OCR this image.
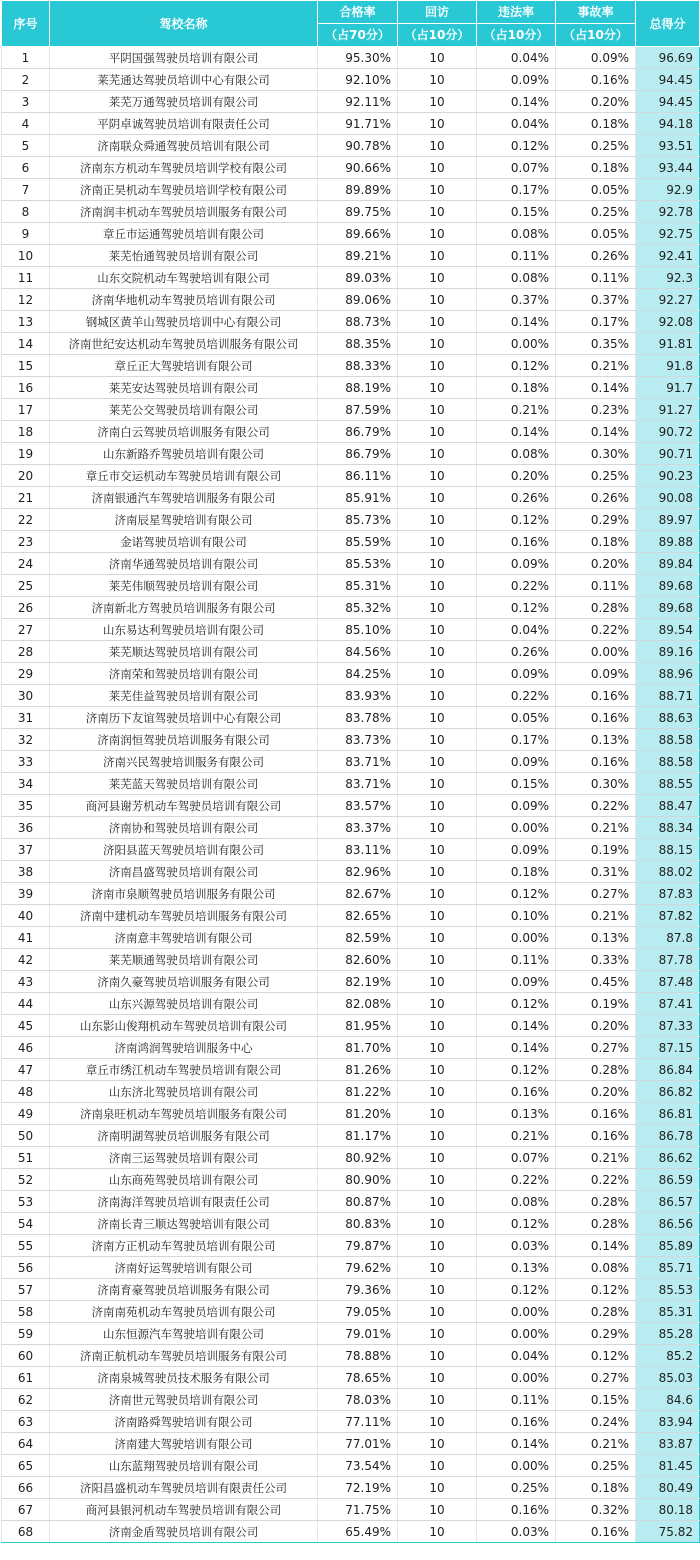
序号	驾校名称	合格率	回访	违法率	事故率	总得分
		（占70分）	（占10分）	（占10分）	（占10分）	
1	平阴国强驾驶员培训有限公司	95.30%	10	0.04%	0.09%	96.69
2	莱芜通达驾驶员培训中心有限公司	92.10%	10	0.09%	0.16%	94.45
3	莱芜万通驾驶员培训有限公司	92.11%	10	0.14%	0.20%	94.45
4	平阴卓诚驾驶员培训有限责任公司	91.71%	10	0.04%	0.18%	94.18
5	济南联众舜通驾驶员培训有限公司	90.78%	10	0.12%	0.25%	93.51
6	济南东方机动车驾驶员培训学校有限公司	90.66%	10	0.07%	0.18%	93.44
7	济南正昊机动车驾驶员培训学校有限公司	89.89%	10	0.17%	0.05%	92.9
8	济南润丰机动车驾驶员培训服务有限公司	89.75%	10	0.15%	0.25%	92.78
9	章丘市运通驾驶员培训有限公司	89.66%	10	0.08%	0.05%	92.75
10	莱芜怡通驾驶员培训有限公司	89.21%	10	0.11%	0.26%	92.41
11	山东交院机动车驾驶培训有限公司	89.03%	10	0.08%	0.11%	92.3
12	济南华地机动车驾驶员培训有限公司	89.06%	10	0.37%	0.37%	92.27
13	钢城区黄羊山驾驶员培训中心有限公司	88.73%	10	0.14%	0.17%	92.08
14	济南世纪安达机动车驾驶员培训服务有限公司	88.35%	10	0.00%	0.35%	91.81
15	章丘正大驾驶培训有限公司	88.33%	10	0.12%	0.21%	91.8
16	莱芜安达驾驶员培训有限公司	88.19%	10	0.18%	0.14%	91.7
17	莱芜公交驾驶员培训有限公司	87.59%	10	0.21%	0.23%	91.27
18	济南白云驾驶员培训服务有限公司	86.79%	10	0.14%	0.14%	90.72
19	山东新路乔驾驶员培训有限公司	86.79%	10	0.08%	0.30%	90.71
20	章丘市交运机动车驾驶员培训有限公司	86.11%	10	0.20%	0.25%	90.23
21	济南银通汽车驾驶培训服务有限公司	85.91%	10	0.26%	0.26%	90.08
22	济南辰星驾驶培训有限公司	85.73%	10	0.12%	0.29%	89.97
23	金诺驾驶员培训有限公司	85.59%	10	0.16%	0.18%	89.88
24	济南华通驾驶员培训有限公司	85.53%	10	0.09%	0.20%	89.84
25	莱芜伟顺驾驶员培训有限公司	85.31%	10	0.22%	0.11%	89.68
26	济南新北方驾驶员培训服务有限公司	85.32%	10	0.12%	0.28%	89.68
27	山东易达利驾驶员培训有限公司	85.10%	10	0.04%	0.22%	89.54
28	莱芜顺达驾驶员培训有限公司	84.56%	10	0.26%	0.00%	89.16
29	济南荣和驾驶员培训有限公司	84.25%	10	0.09%	0.09%	88.96
30	莱芜佳益驾驶员培训有限公司	83.93%	10	0.22%	0.16%	88.71
31	济南历下友谊驾驶员培训中心有限公司	83.78%	10	0.05%	0.16%	88.63
32	济南润恒驾驶员培训服务有限公司	83.73%	10	0.17%	0.13%	88.58
33	济南兴民驾驶培训服务有限公司	83.71%	10	0.09%	0.16%	88.58
34	莱芜蓝天驾驶员培训有限公司	83.71%	10	0.15%	0.30%	88.55
35	商河县谢芳机动车驾驶员培训有限公司	83.57%	10	0.09%	0.22%	88.47
36	济南协和驾驶员培训有限公司	83.37%	10	0.00%	0.21%	88.34
37	济阳县蓝天驾驶员培训有限公司	83.11%	10	0.09%	0.19%	88.15
38	济南昌盛驾驶员培训有限公司	82.96%	10	0.18%	0.31%	88.02
39	济南市泉顺驾驶员培训服务有限公司	82.67%	10	0.12%	0.27%	87.83
40	济南中建机动车驾驶员培训服务有限公司	82.65%	10	0.10%	0.21%	87.82
41	济南意丰驾驶培训有限公司	82.59%	10	0.00%	0.13%	87.8
42	莱芜顺通驾驶员培训有限公司	82.60%	10	0.11%	0.33%	87.78
43	济南久豪驾驶员培训服务有限公司	82.19%	10	0.09%	0.45%	87.48
44	山东兴源驾驶员培训有限公司	82.08%	10	0.12%	0.19%	87.41
45	山东影山俊翔机动车驾驶员培训有限公司	81.95%	10	0.14%	0.20%	87.33
46	济南鸿润驾驶培训服务中心	81.70%	10	0.14%	0.27%	87.15
47	章丘市绣江机动车驾驶员培训有限公司	81.26%	10	0.12%	0.28%	86.84
48	山东济北驾驶员培训有限公司	81.22%	10	0.16%	0.20%	86.82
49	济南泉旺机动车驾驶员培训服务有限公司	81.20%	10	0.13%	0.16%	86.81
50	济南明湖驾驶员培训服务有限公司	81.17%	10	0.21%	0.16%	86.78
51	济南三运驾驶员培训有限公司	80.92%	10	0.07%	0.21%	86.62
52	山东商苑驾驶员培训有限公司	80.90%	10	0.22%	0.22%	86.59
53	济南海洋驾驶员培训有限责任公司	80.87%	10	0.08%	0.28%	86.57
54	济南长青三顺达驾驶培训有限公司	80.83%	10	0.12%	0.28%	86.56
55	济南方正机动车驾驶员培训有限公司	79.87%	10	0.03%	0.14%	85.89
56	济南好运驾驶培训有限公司	79.62%	10	0.13%	0.08%	85.71
57	济南育豪驾驶员培训服务有限公司	79.36%	10	0.12%	0.12%	85.53
58	济南南苑机动车驾驶员培训有限公司	79.05%	10	0.00%	0.28%	85.31
59	山东恒源汽车驾驶培训有限公司	79.01%	10	0.00%	0.29%	85.28
60	济南正航机动车驾驶员培训服务有限公司	78.88%	10	0.04%	0.12%	85.2
61	济南泉城驾驶员技术服务有限公司	78.65%	10	0.00%	0.27%	85.03
62	济南世元驾驶员培训有限公司	78.03%	10	0.11%	0.15%	84.6
63	济南路舜驾驶培训有限公司	77.11%	10	0.16%	0.24%	83.94
64	济南建大驾驶培训有限公司	77.01%	10	0.14%	0.21%	83.87
65	山东蓝翔驾驶员培训有限公司	73.54%	10	0.00%	0.25%	81.45
66	济阳昌盛机动车驾驶员培训有限责任公司	72.19%	10	0.25%	0.18%	80.49
67	商河县银河机动车驾驶员培训有限公司	71.75%	10	0.16%	0.32%	80.18
68	济南金盾驾驶员培训有限公司	65.49%	10	0.03%	0.16%	75.82
